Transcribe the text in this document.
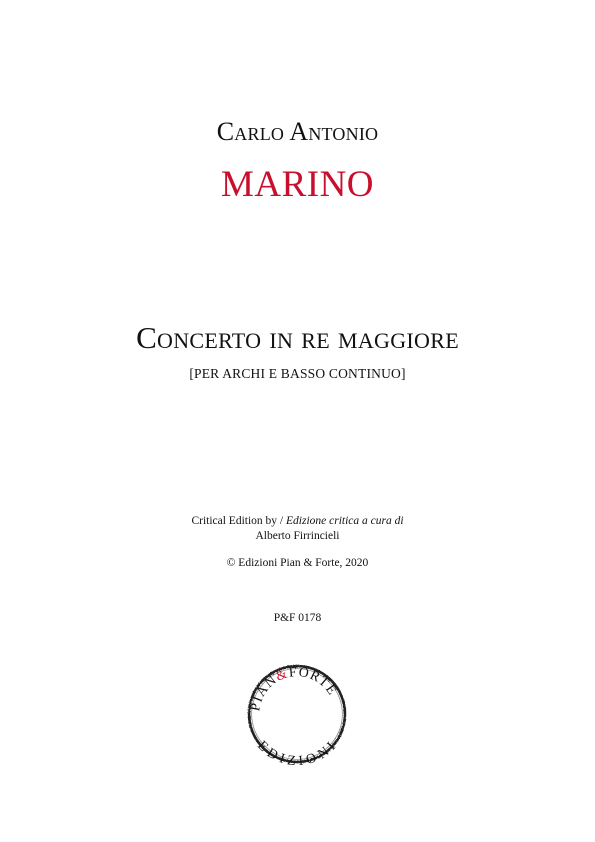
Carlo Antonio
MARINO
Concerto in re maggiore
[PER ARCHI E BASSO CONTINUO]
Critical Edition by / Edizione critica a cura di
Alberto Firrincieli
© Edizioni Pian & Forte, 2020
P&F 0178
PIAN&FORTE
EDIZIONI
